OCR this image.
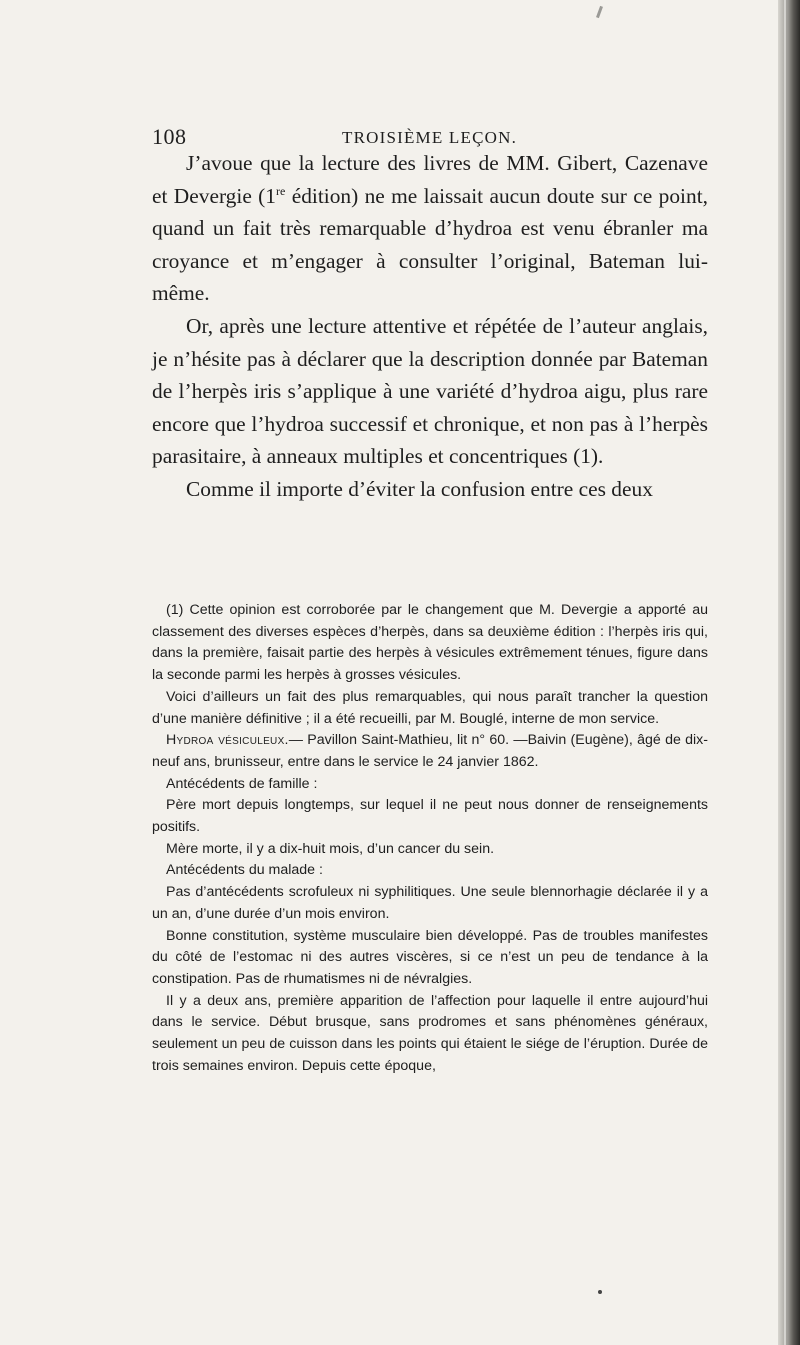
108	TROISIÈME LEÇON.

J’avoue que la lecture des livres de MM. Gibert, Cazenave et Devergie (1re édition) ne me laissait aucun doute sur ce point, quand un fait très remarquable d’hydroa est venu ébranler ma croyance et m’engager à consulter l’original, Bateman lui-même.

Or, après une lecture attentive et répétée de l’auteur anglais, je n’hésite pas à déclarer que la description donnée par Bateman de l’herpès iris s’applique à une variété d’hydroa aigu, plus rare encore que l’hydroa successif et chronique, et non pas à l’herpès parasitaire, à anneaux multiples et concentriques (1).

Comme il importe d’éviter la confusion entre ces deux

(1) Cette opinion est corroborée par le changement que M. Devergie a apporté au classement des diverses espèces d’herpès, dans sa deuxième édition : l’herpès iris qui, dans la première, faisait partie des herpès à vésicules extrêmement ténues, figure dans la seconde parmi les herpès à grosses vésicules.

Voici d’ailleurs un fait des plus remarquables, qui nous paraît trancher la question d’une manière définitive ; il a été recueilli, par M. Bouglé, interne de mon service.

Hydroa vésiculeux.— Pavillon Saint-Mathieu, lit n° 60. —Baivin (Eugène), âgé de dix-neuf ans, brunisseur, entre dans le service le 24 janvier 1862.

Antécédents de famille :

Père mort depuis longtemps, sur lequel il ne peut nous donner de renseignements positifs.

Mère morte, il y a dix-huit mois, d’un cancer du sein.

Antécédents du malade :

Pas d’antécédents scrofuleux ni syphilitiques. Une seule blennorhagie déclarée il y a un an, d’une durée d’un mois environ.

Bonne constitution, système musculaire bien développé. Pas de troubles manifestes du côté de l’estomac ni des autres viscères, si ce n’est un peu de tendance à la constipation. Pas de rhumatismes ni de névralgies.

Il y a deux ans, première apparition de l’affection pour laquelle il entre aujourd’hui dans le service. Début brusque, sans prodromes et sans phénomènes généraux, seulement un peu de cuisson dans les points qui étaient le siége de l’éruption. Durée de trois semaines environ. Depuis cette époque,
